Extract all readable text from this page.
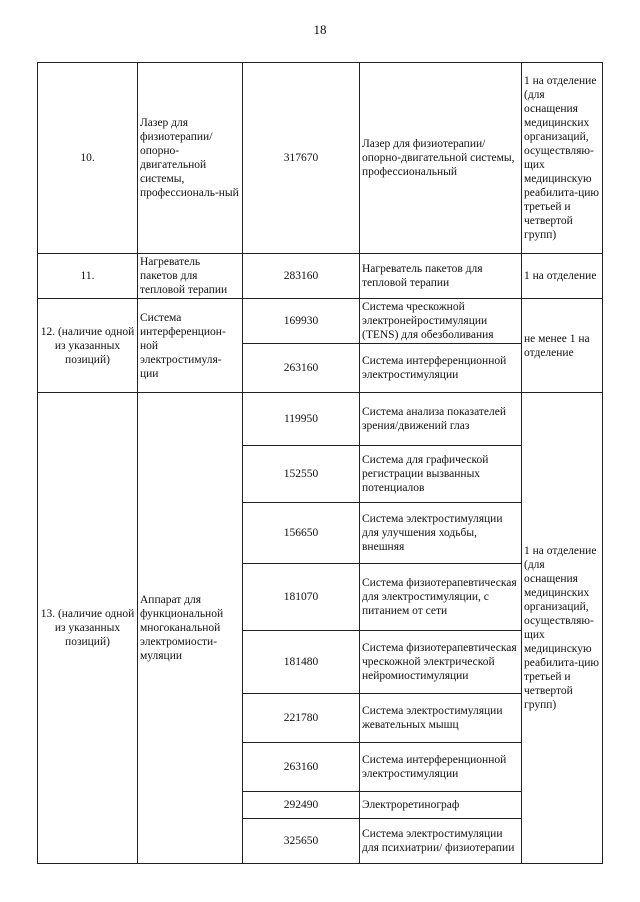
18
10.	Лазер для физиотерапии/ опорно-двигательной системы, профессиональ-ный	317670	Лазер для физиотерапии/опорно-двигательной системы, профессиональный	1 на отделение (для оснащения медицинских организаций, осуществляю-щих медицинскую реабилита-цию третьей и четвертой групп)
11.	Нагреватель пакетов для тепловой терапии	283160	Нагреватель пакетов для тепловой терапии	1 на отделение
12. (наличие одной из указанных позиций)	Система интерференцион-ной электростимуля-ции	169930	Система чрескожной электронейростимуляции (TENS) для обезболивания	не менее 1 на отделение
		263160	Система интерференционной электростимуляции	
13. (наличие одной из указанных позиций)	Аппарат для функциональной многоканальной электромиости-муляции	119950	Система анализа показателей зрения/движений глаз	1 на отделение (для оснащения медицинских организаций, осуществляю-щих медицинскую реабилита-цию третьей и четвертой групп)
		152550	Система для графической регистрации вызванных потенциалов	
		156650	Система электростимуляции для улучшения ходьбы, внешняя	
		181070	Система физиотерапевтическая для электростимуляции, с питанием от сети	
		181480	Система физиотерапевтическая чрескожной электрической нейромиостимуляции	
		221780	Система электростимуляции жевательных мышц	
		263160	Система интерференционной электростимуляции	
		292490	Электроретинограф	
		325650	Система электростимуляции для психиатрии/ физиотерапии	
